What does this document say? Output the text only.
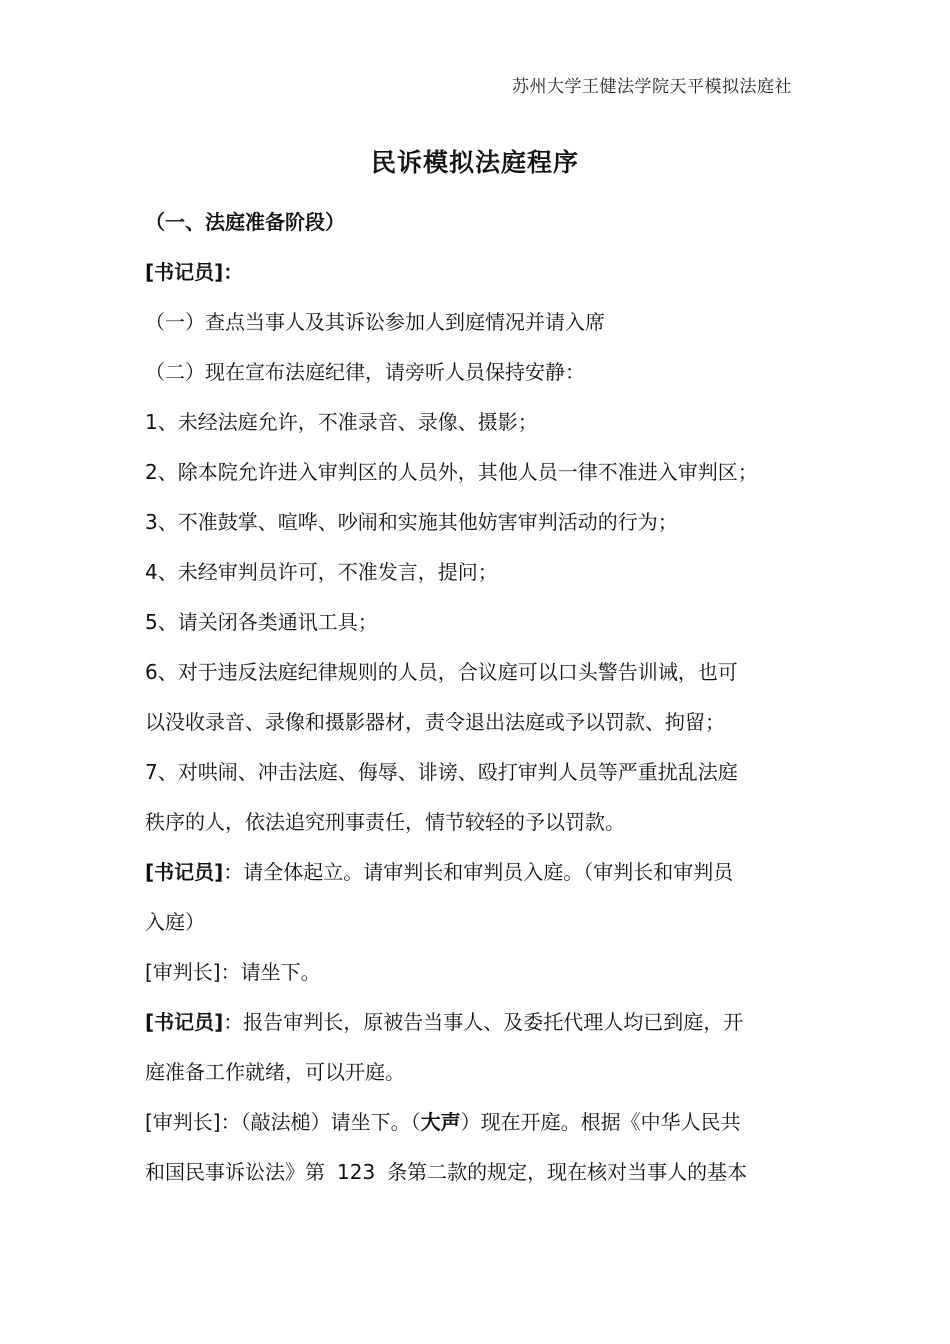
苏州大学王健法学院天平模拟法庭社
民诉模拟法庭程序
（一、法庭准备阶段）
[书记员]：
（一）查点当事人及其诉讼参加人到庭情况并请入席
（二）现在宣布法庭纪律，请旁听人员保持安静：
1、未经法庭允许，不准录音、录像、摄影；
2、除本院允许进入审判区的人员外，其他人员一律不准进入审判区；
3、不准鼓掌、喧哗、吵闹和实施其他妨害审判活动的行为；
4、未经审判员许可，不准发言，提问；
5、请关闭各类通讯工具；
6、对于违反法庭纪律规则的人员，合议庭可以口头警告训诫，也可
以没收录音、录像和摄影器材，责令退出法庭或予以罚款、拘留；
7、对哄闹、冲击法庭、侮辱、诽谤、殴打审判人员等严重扰乱法庭
秩序的人，依法追究刑事责任，情节较轻的予以罚款。
[书记员]：请全体起立。请审判长和审判员入庭。（审判长和审判员
入庭）
[审判长]：请坐下。
[书记员]：报告审判长，原被告当事人、及委托代理人均已到庭，开
庭准备工作就绪，可以开庭。
[审判长]：（敲法槌）请坐下。（大声）现在开庭。根据《中华人民共
和国民事诉讼法》第 123 条第二款的规定，现在核对当事人的基本
